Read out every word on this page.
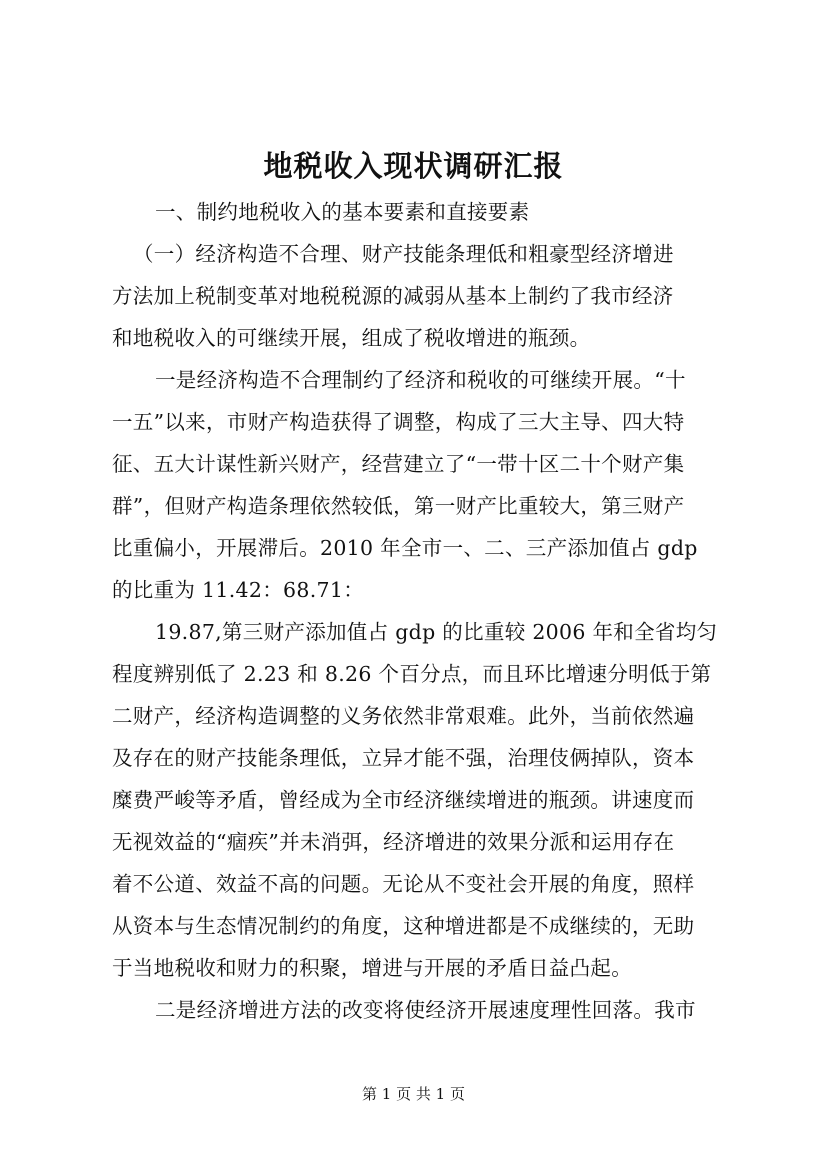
地税收入现状调研汇报
一、制约地税收入的基本要素和直接要素
（一）经济构造不合理、财产技能条理低和粗豪型经济增进
方法加上税制变革对地税税源的减弱从基本上制约了我市经济
和地税收入的可继续开展，组成了税收增进的瓶颈。
一是经济构造不合理制约了经济和税收的可继续开展。“十
一五”以来，市财产构造获得了调整，构成了三大主导、四大特
征、五大计谋性新兴财产，经营建立了“一带十区二十个财产集
群”，但财产构造条理依然较低，第一财产比重较大，第三财产
比重偏小，开展滞后。2010 年全市一、二、三产添加值占 gdp
的比重为 11.42：68.71：
19.87,第三财产添加值占 gdp 的比重较 2006 年和全省均匀
程度辨别低了 2.23 和 8.26 个百分点，而且环比增速分明低于第
二财产，经济构造调整的义务依然非常艰难。此外，当前依然遍
及存在的财产技能条理低，立异才能不强，治理伎俩掉队，资本
糜费严峻等矛盾，曾经成为全市经济继续增进的瓶颈。讲速度而
无视效益的“痼疾”并未消弭，经济增进的效果分派和运用存在
着不公道、效益不高的问题。无论从不变社会开展的角度，照样
从资本与生态情况制约的角度，这种增进都是不成继续的，无助
于当地税收和财力的积聚，增进与开展的矛盾日益凸起。
二是经济增进方法的改变将使经济开展速度理性回落。我市
第 1 页 共 1 页
